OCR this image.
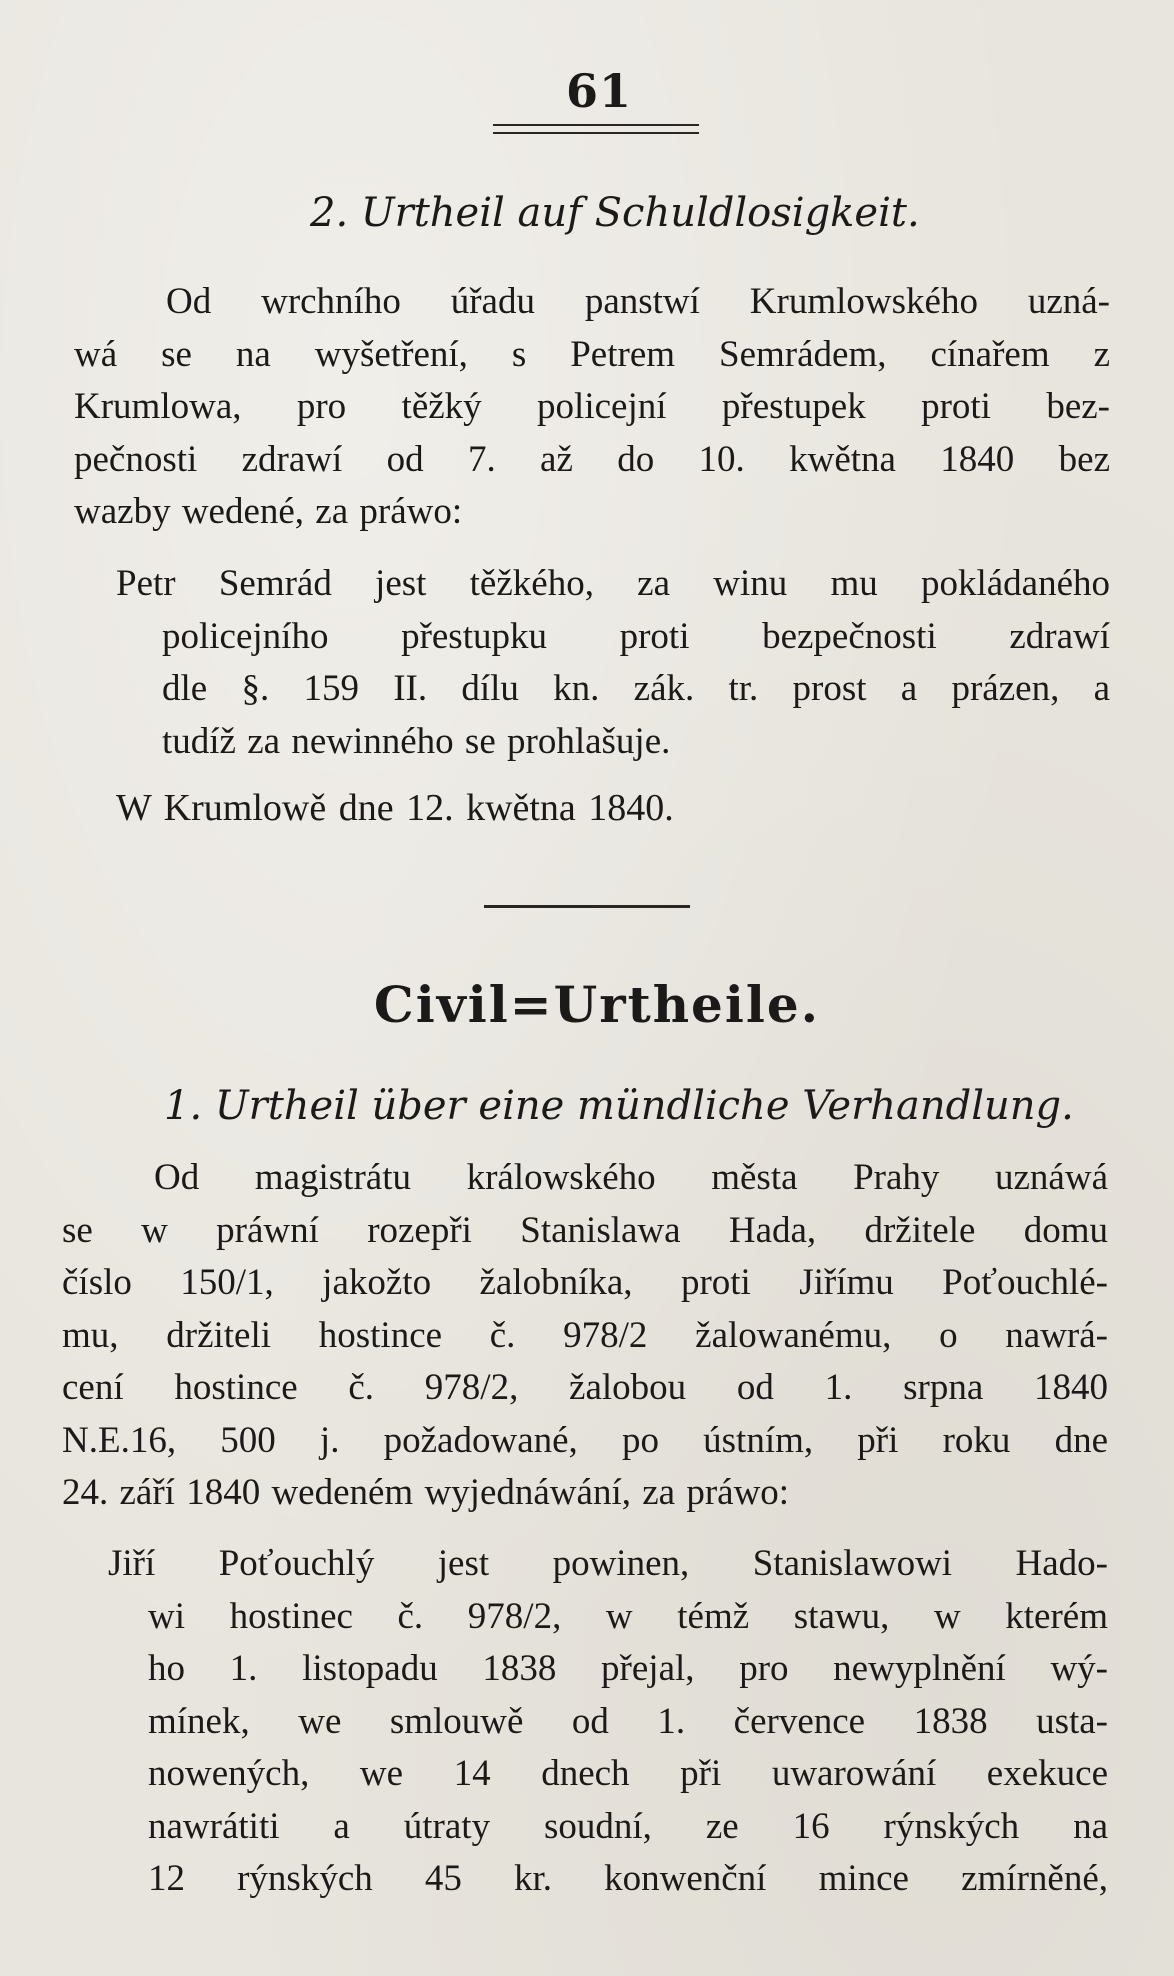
61
2. Urtheil auf Schuldlosigkeit.
Od wrchního úřadu panstwí Krumlowského uzná-
wá se na wyšetření, s Petrem Semrádem, cínařem z
Krumlowa, pro těžký policejní přestupek proti bez-
pečnosti zdrawí od 7. až do 10. kwětna 1840 bez
wazby wedené, za práwo:
Petr Semrád jest těžkého, za winu mu pokládaného
policejního přestupku proti bezpečnosti zdrawí
dle §. 159 II. dílu kn. zák. tr. prost a prázen, a
tudíž za newinného se prohlašuje.
W Krumlowě dne 12. kwětna 1840.
Civil=Urtheile.
1. Urtheil über eine mündliche Verhandlung.
Od magistrátu králowského města Prahy uznáwá
se w práwní rozepři Stanislawa Hada, držitele domu
číslo 150/1, jakožto žalobníka, proti Jiřímu Poťouchlé-
mu, držiteli hostince č. 978/2 žalowanému, o nawrá-
cení hostince č. 978/2, žalobou od 1. srpna 1840
N.E.16, 500 j. požadowané, po ústním, při roku dne
24. září 1840 wedeném wyjednáwání, za práwo:
Jiří Poťouchlý jest powinen, Stanislawowi Hado-
wi hostinec č. 978/2, w témž stawu, w kterém
ho 1. listopadu 1838 přejal, pro newyplnění wý-
mínek, we smlouwě od 1. července 1838 usta-
nowených, we 14 dnech při uwarowání exekuce
nawrátiti a útraty soudní, ze 16 rýnských na
12 rýnských 45 kr. konwenční mince zmírněné,
